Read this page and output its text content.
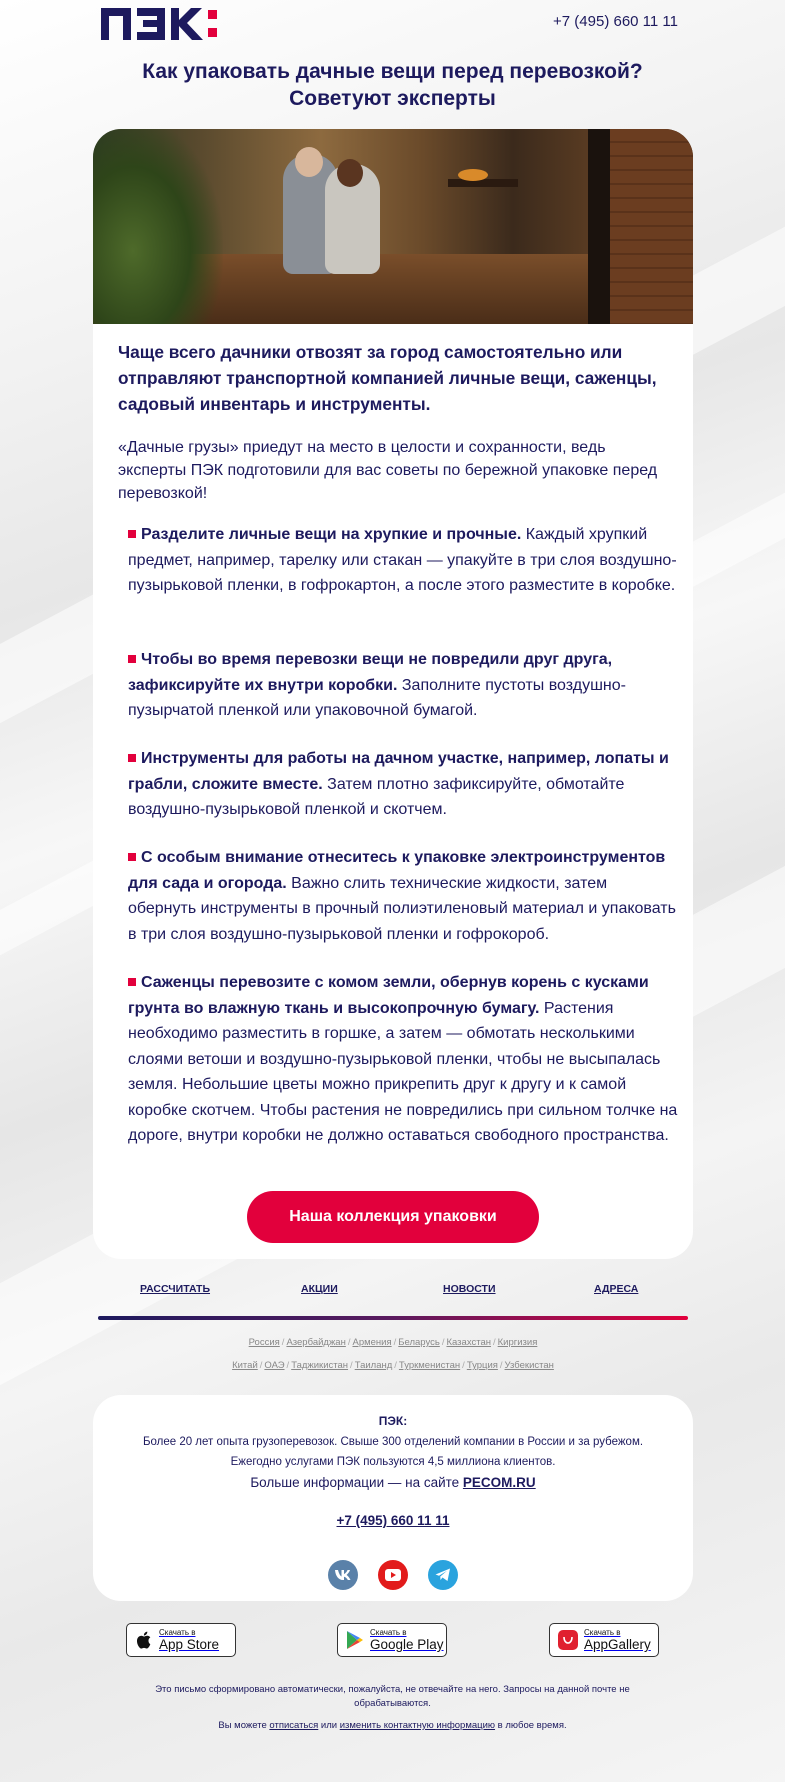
+7 (495) 660 11 11
Как упаковать дачные вещи перед перевозкой?
Советуют эксперты
Чаще всего дачники отвозят за город самостоятельно или отправляют транспортной компанией личные вещи, саженцы, садовый инвентарь и инструменты.
«Дачные грузы» приедут на место в целости и сохранности, ведь эксперты ПЭК подготовили для вас советы по бережной упаковке перед перевозкой!
Разделите личные вещи на хрупкие и прочные. Каждый хрупкий предмет, например, тарелку или стакан — упакуйте в три слоя воздушно-пузырьковой пленки, в гофрокартон, а после этого разместите в коробке.
Чтобы во время перевозки вещи не повредили друг друга, зафиксируйте их внутри коробки. Заполните пустоты воздушно-пузырчатой пленкой или упаковочной бумагой.
Инструменты для работы на дачном участке, например, лопаты и грабли, сложите вместе. Затем плотно зафиксируйте, обмотайте воздушно-пузырьковой пленкой и скотчем.
С особым внимание отнеситесь к упаковке электроинструментов для сада и огорода. Важно слить технические жидкости, затем обернуть инструменты в прочный полиэтиленовый материал и упаковать в три слоя воздушно-пузырьковой пленки и гофрокороб.
Саженцы перевозите с комом земли, обернув корень с кусками грунта во влажную ткань и высокопрочную бумагу. Растения необходимо разместить в горшке, а затем — обмотать несколькими слоями ветоши и воздушно-пузырьковой пленки, чтобы не высыпалась земля. Небольшие цветы можно прикрепить друг к другу и к самой коробке скотчем. Чтобы растения не повредились при сильном толчке на дороге, внутри коробки не должно оставаться свободного пространства.
Наша коллекция упаковки
РАССЧИТАТЬ	АКЦИИ	НОВОСТИ	АДРЕСА
Россия / Азербайджан / Армения / Беларусь / Казахстан / Киргизия
Китай / ОАЭ / Таджикистан / Таиланд / Туркменистан / Турция / Узбекистан
ПЭК:
Более 20 лет опыта грузоперевозок. Свыше 300 отделений компании в России и за рубежом.
Ежегодно услугами ПЭК пользуются 4,5 миллиона клиентов.
Больше информации — на сайте PECOM.RU
+7 (495) 660 11 11
Скачать в
App Store
Скачать в
Google Play
Скачать в
AppGallery
Это письмо сформировано автоматически, пожалуйста, не отвечайте на него. Запросы на данной почте не обрабатываются.
Вы можете отписаться или изменить контактную информацию в любое время.
